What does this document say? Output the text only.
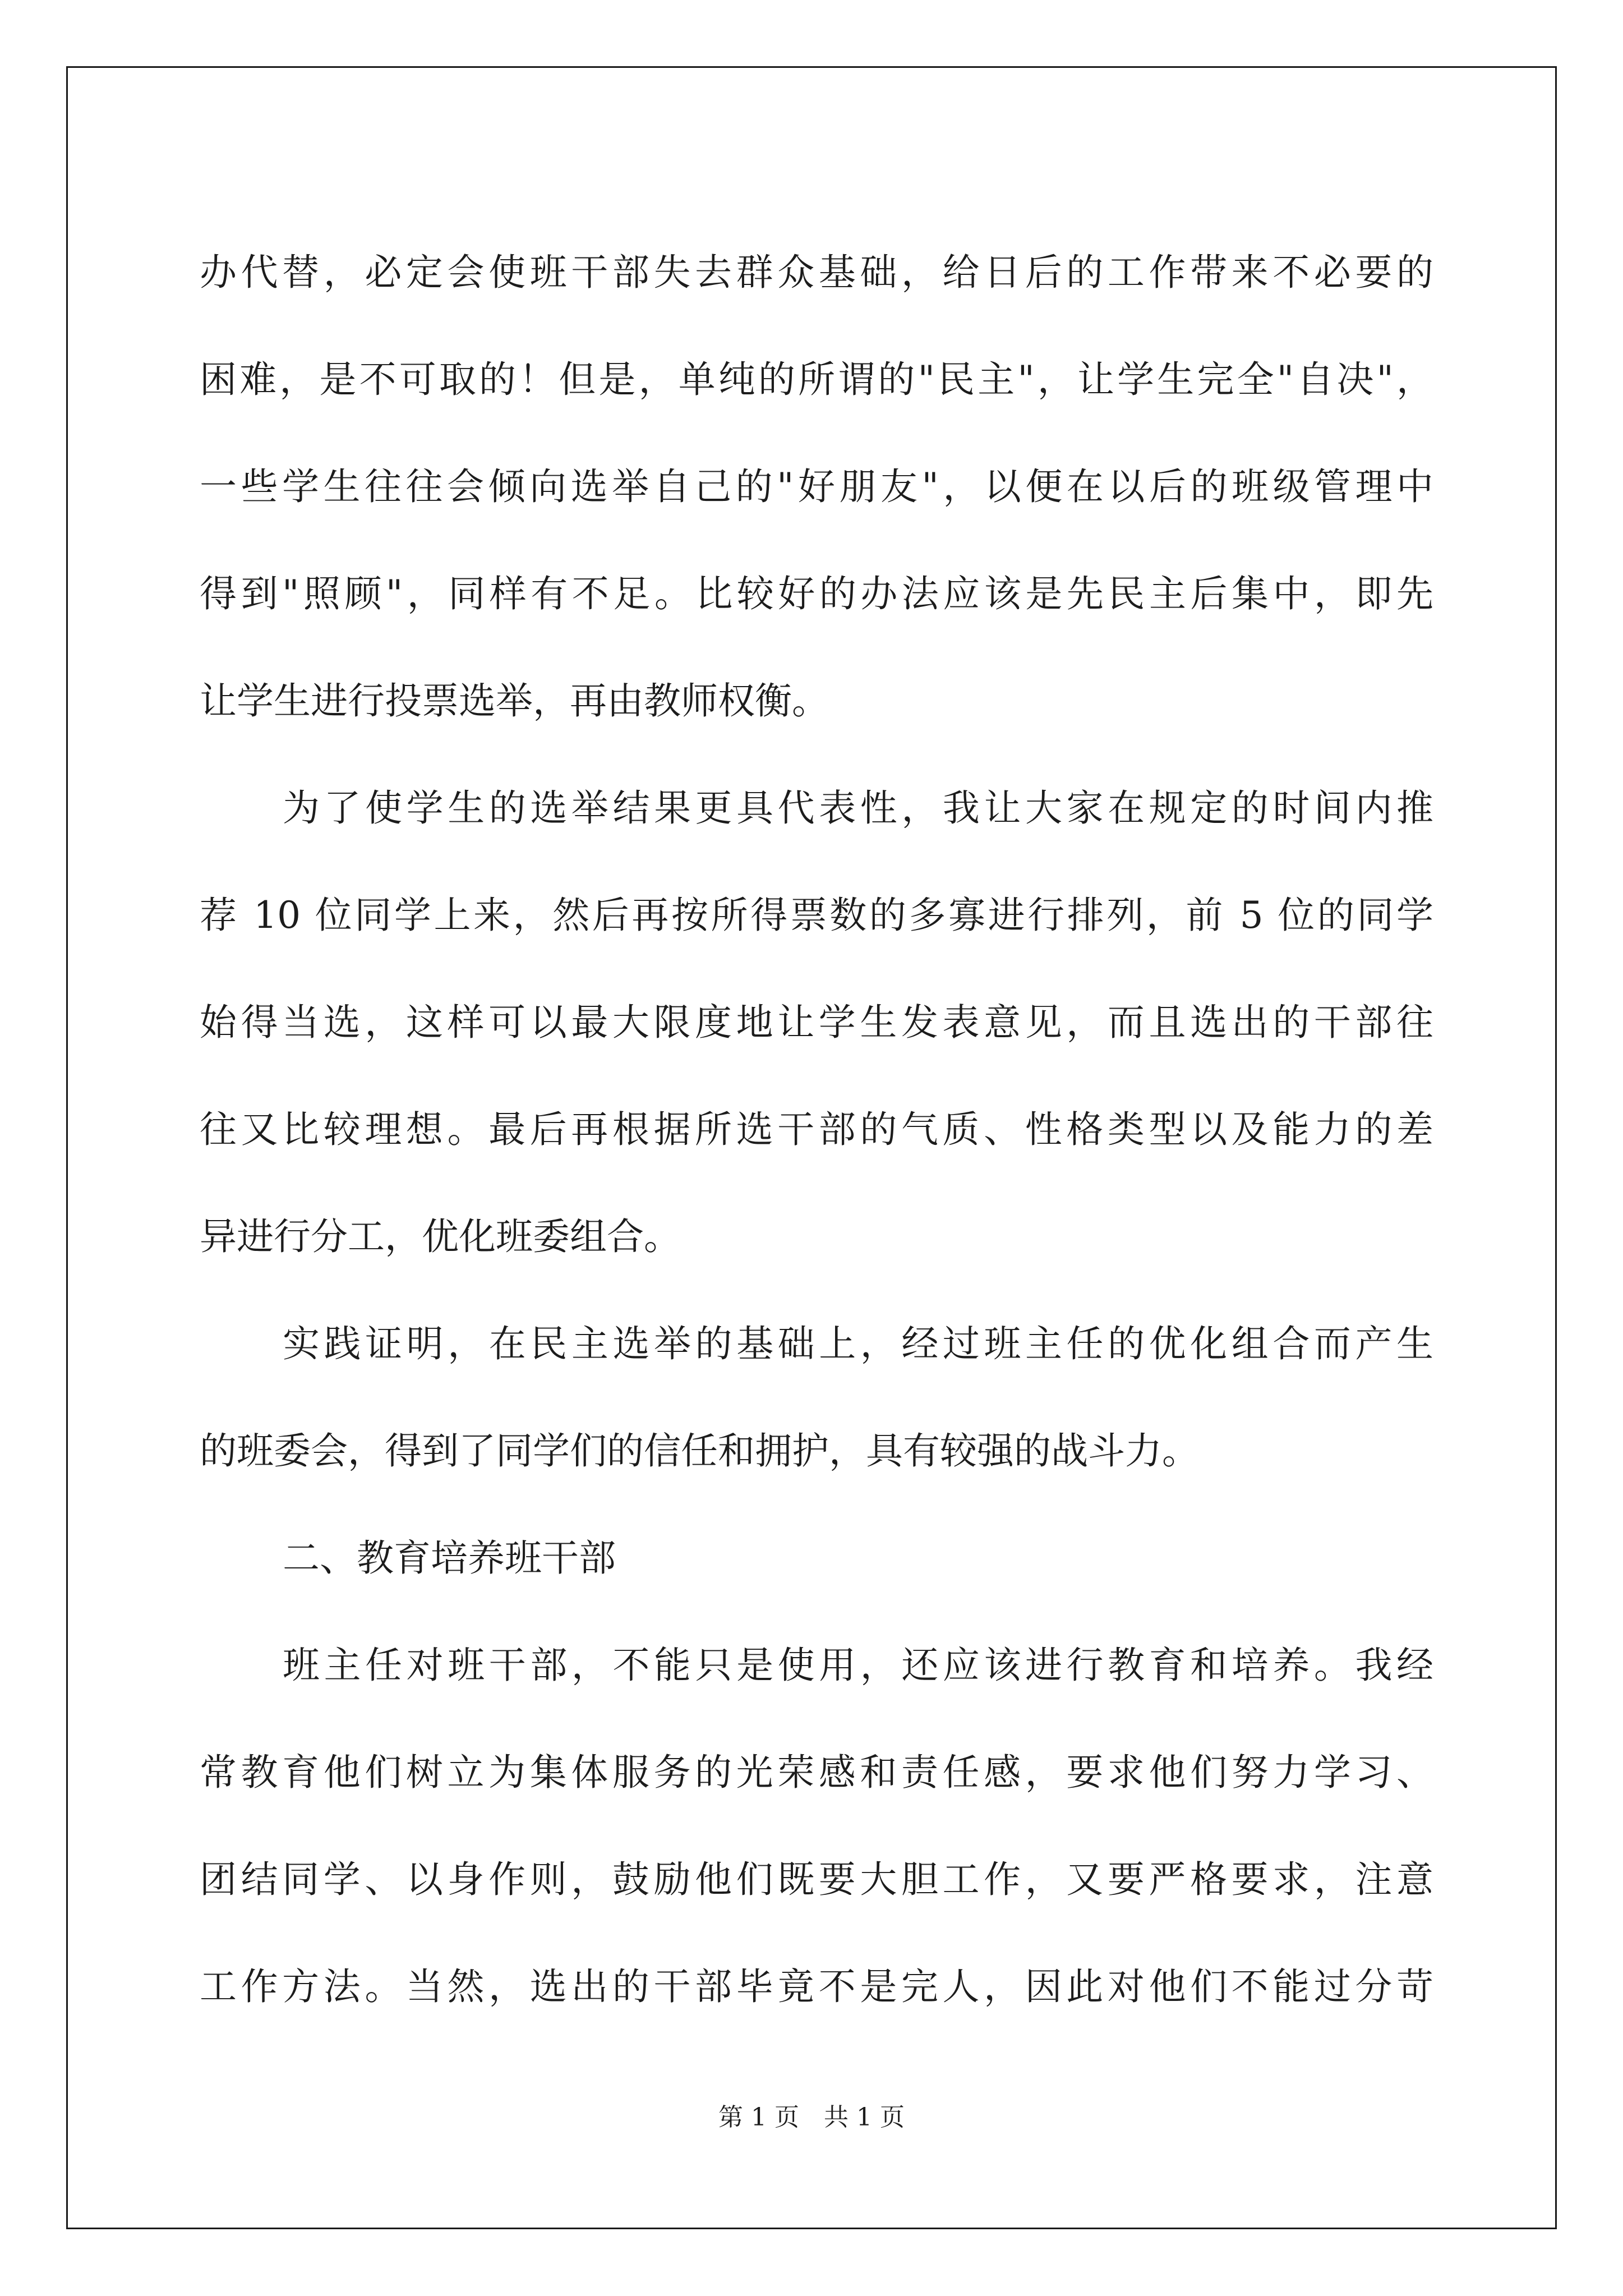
办代替，必定会使班干部失去群众基础，给日后的工作带来不必要的
困难，是不可取的！但是，单纯的所谓的"民主"，让学生完全"自决"，
一些学生往往会倾向选举自己的"好朋友"，以便在以后的班级管理中
得到"照顾"，同样有不足。比较好的办法应该是先民主后集中，即先
让学生进行投票选举，再由教师权衡。
为了使学生的选举结果更具代表性，我让大家在规定的时间内推
荐 10 位同学上来，然后再按所得票数的多寡进行排列，前 5 位的同学
始得当选，这样可以最大限度地让学生发表意见，而且选出的干部往
往又比较理想。最后再根据所选干部的气质、性格类型以及能力的差
异进行分工，优化班委组合。
实践证明，在民主选举的基础上，经过班主任的优化组合而产生
的班委会，得到了同学们的信任和拥护，具有较强的战斗力。
二、教育培养班干部
班主任对班干部，不能只是使用，还应该进行教育和培养。我经
常教育他们树立为集体服务的光荣感和责任感，要求他们努力学习、
团结同学、以身作则，鼓励他们既要大胆工作，又要严格要求，注意
工作方法。当然，选出的干部毕竟不是完人，因此对他们不能过分苛
第 1 页　共 1 页
